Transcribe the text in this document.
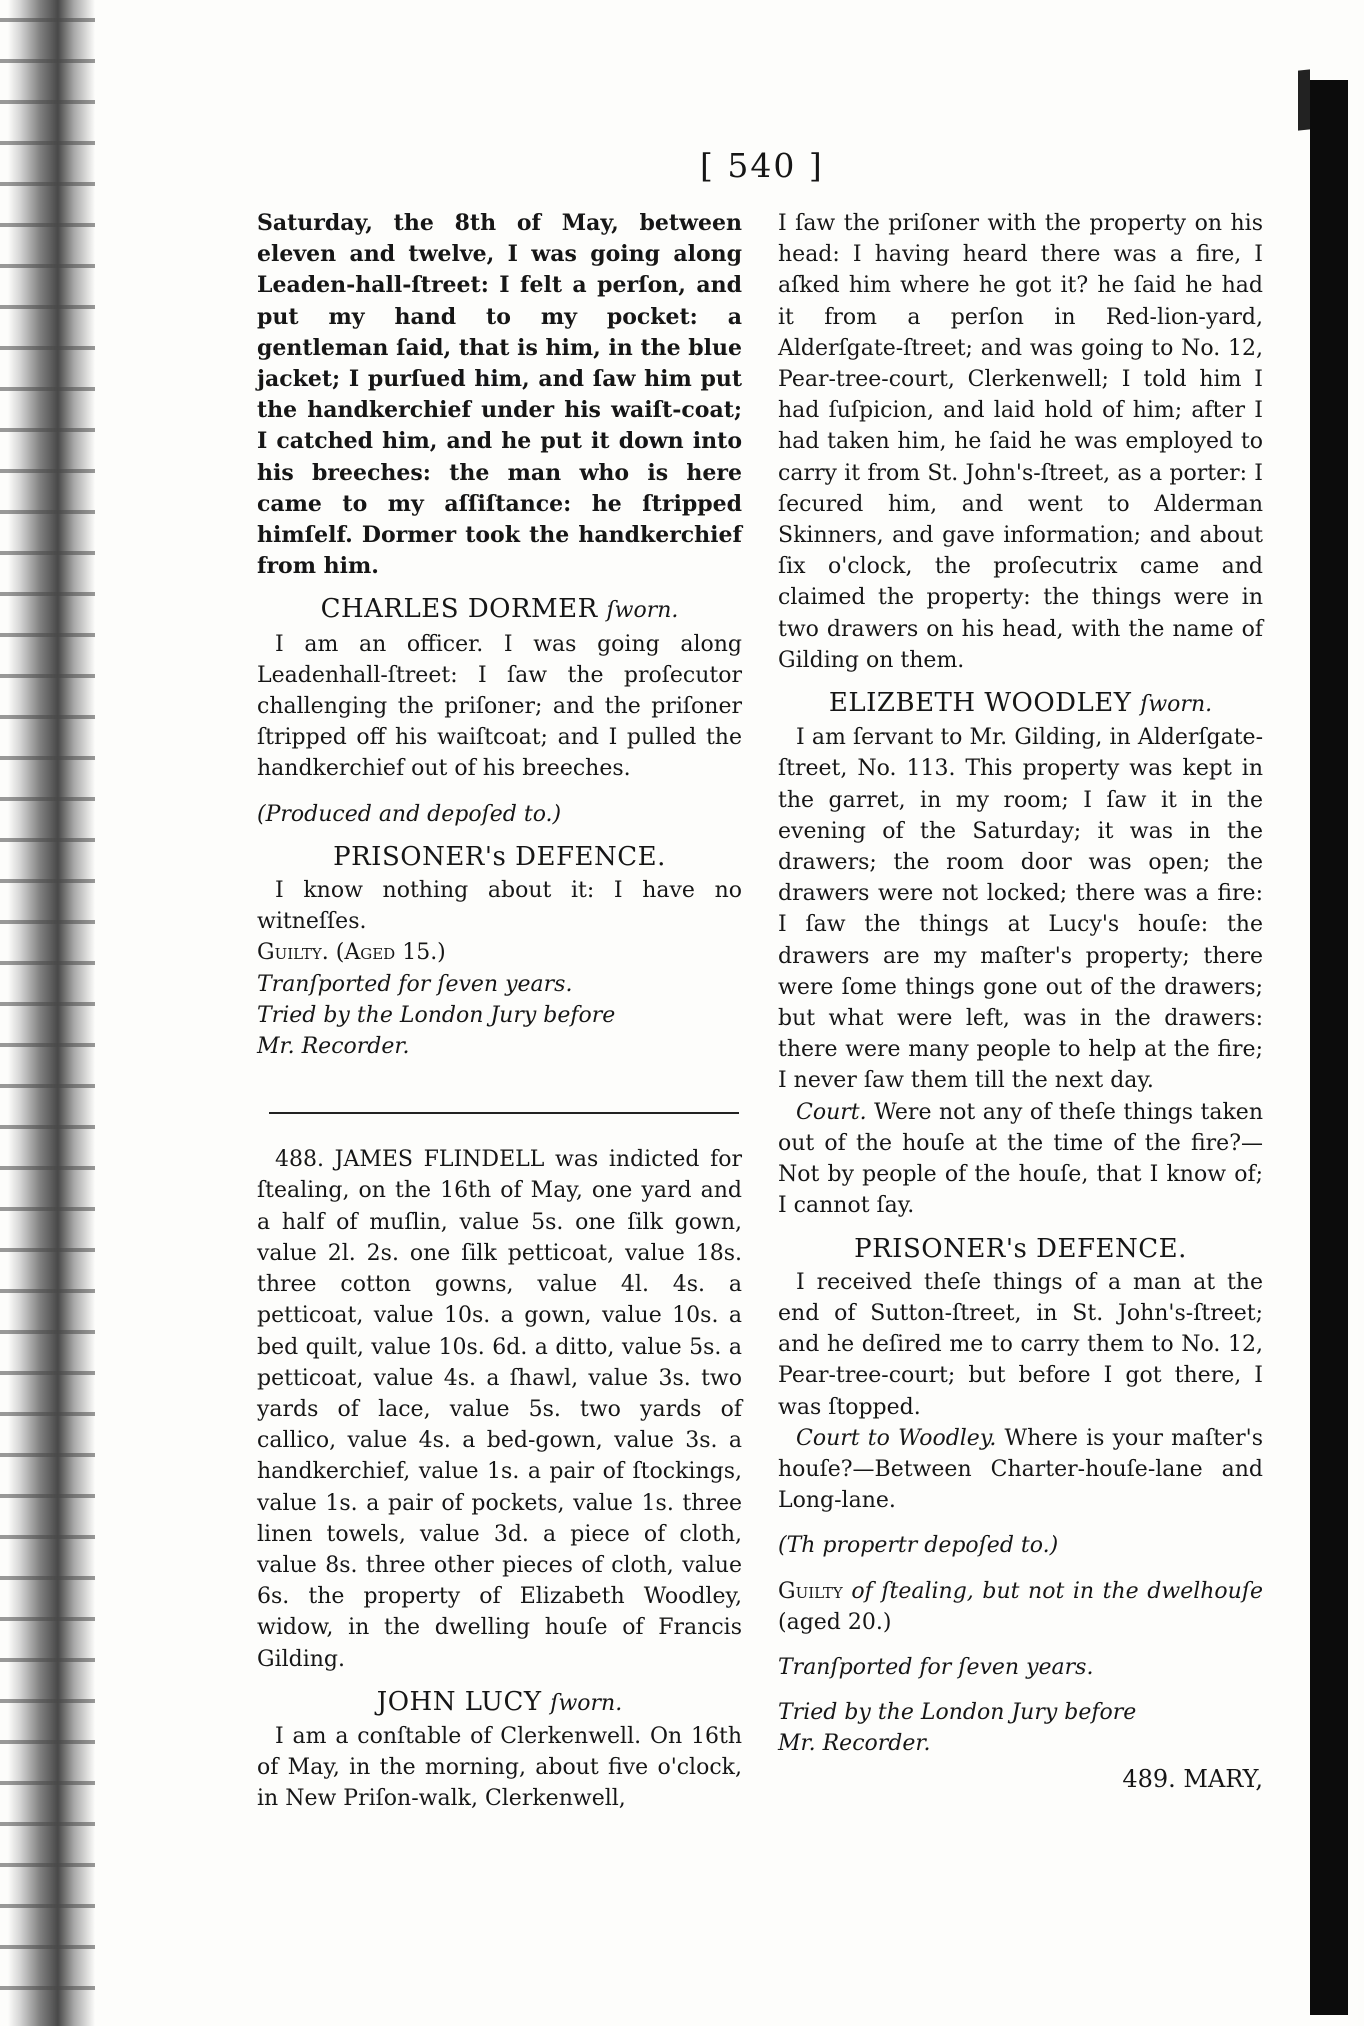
[ 540 ]

Saturday, the 8th of May, between eleven and twelve, I was going along Leaden-hall-ſtreet: I felt a perſon, and put my hand to my pocket: a gentleman ſaid, that is him, in the blue jacket; I purſued him, and ſaw him put the handkerchief under his waiſt-coat; I catched him, and he put it down into his breeches: the man who is here came to my aſſiſtance: he ſtripped himſelf. Dormer took the handkerchief from him.

CHARLES DORMER ſworn.

I am an officer. I was going along Leadenhall-ſtreet: I ſaw the proſecutor challenging the priſoner; and the priſoner ſtripped off his waiſtcoat; and I pulled the handkerchief out of his breeches.

(Produced and depoſed to.)

PRISONER's DEFENCE.

I know nothing about it: I have no witneſſes.

Guilty. (Aged 15.)

Tranſported for ſeven years.

Tried by the London Jury before

Mr. Recorder.

488. JAMES FLINDELL was indicted for ſtealing, on the 16th of May, one yard and a half of muſlin, value 5s. one ſilk gown, value 2l. 2s. one ſilk petticoat, value 18s. three cotton gowns, value 4l. 4s. a petticoat, value 10s. a gown, value 10s. a bed quilt, value 10s. 6d. a ditto, value 5s. a petticoat, value 4s. a ſhawl, value 3s. two yards of lace, value 5s. two yards of callico, value 4s. a bed-gown, value 3s. a handkerchief, value 1s. a pair of ſtockings, value 1s. a pair of pockets, value 1s. three linen towels, value 3d. a piece of cloth, value 8s. three other pieces of cloth, value 6s. the property of Elizabeth Woodley, widow, in the dwelling houſe of Francis Gilding.

JOHN LUCY ſworn.

I am a conſtable of Clerkenwell. On 16th of May, in the morning, about five o'clock, in New Priſon-walk, Clerkenwell,

I ſaw the priſoner with the property on his head: I having heard there was a fire, I aſked him where he got it? he ſaid he had it from a perſon in Red-lion-yard, Alderſgate-ſtreet; and was going to No. 12, Pear-tree-court, Clerkenwell; I told him I had ſuſpicion, and laid hold of him; after I had taken him, he ſaid he was employed to carry it from St. John's-ſtreet, as a porter: I ſecured him, and went to Alderman Skinners, and gave information; and about ſix o'clock, the proſecutrix came and claimed the property: the things were in two drawers on his head, with the name of Gilding on them.

ELIZBETH WOODLEY ſworn.

I am ſervant to Mr. Gilding, in Alderſgate-ſtreet, No. 113. This property was kept in the garret, in my room; I ſaw it in the evening of the Saturday; it was in the drawers; the room door was open; the drawers were not locked; there was a fire: I ſaw the things at Lucy's houſe: the drawers are my maſter's property; there were ſome things gone out of the drawers; but what were left, was in the drawers: there were many people to help at the fire; I never ſaw them till the next day.

Court. Were not any of theſe things taken out of the houſe at the time of the fire?—Not by people of the houſe, that I know of; I cannot ſay.

PRISONER's DEFENCE.

I received theſe things of a man at the end of Sutton-ſtreet, in St. John's-ſtreet; and he deſired me to carry them to No. 12, Pear-tree-court; but before I got there, I was ſtopped.

Court to Woodley. Where is your maſter's houſe?—Between Charter-houſe-lane and Long-lane.

(Th propertr depoſed to.)

Guilty of ſtealing, but not in the dwelhouſe (aged 20.)

Tranſported for ſeven years.

Tried by the London Jury before

Mr. Recorder.

489. MARY,
